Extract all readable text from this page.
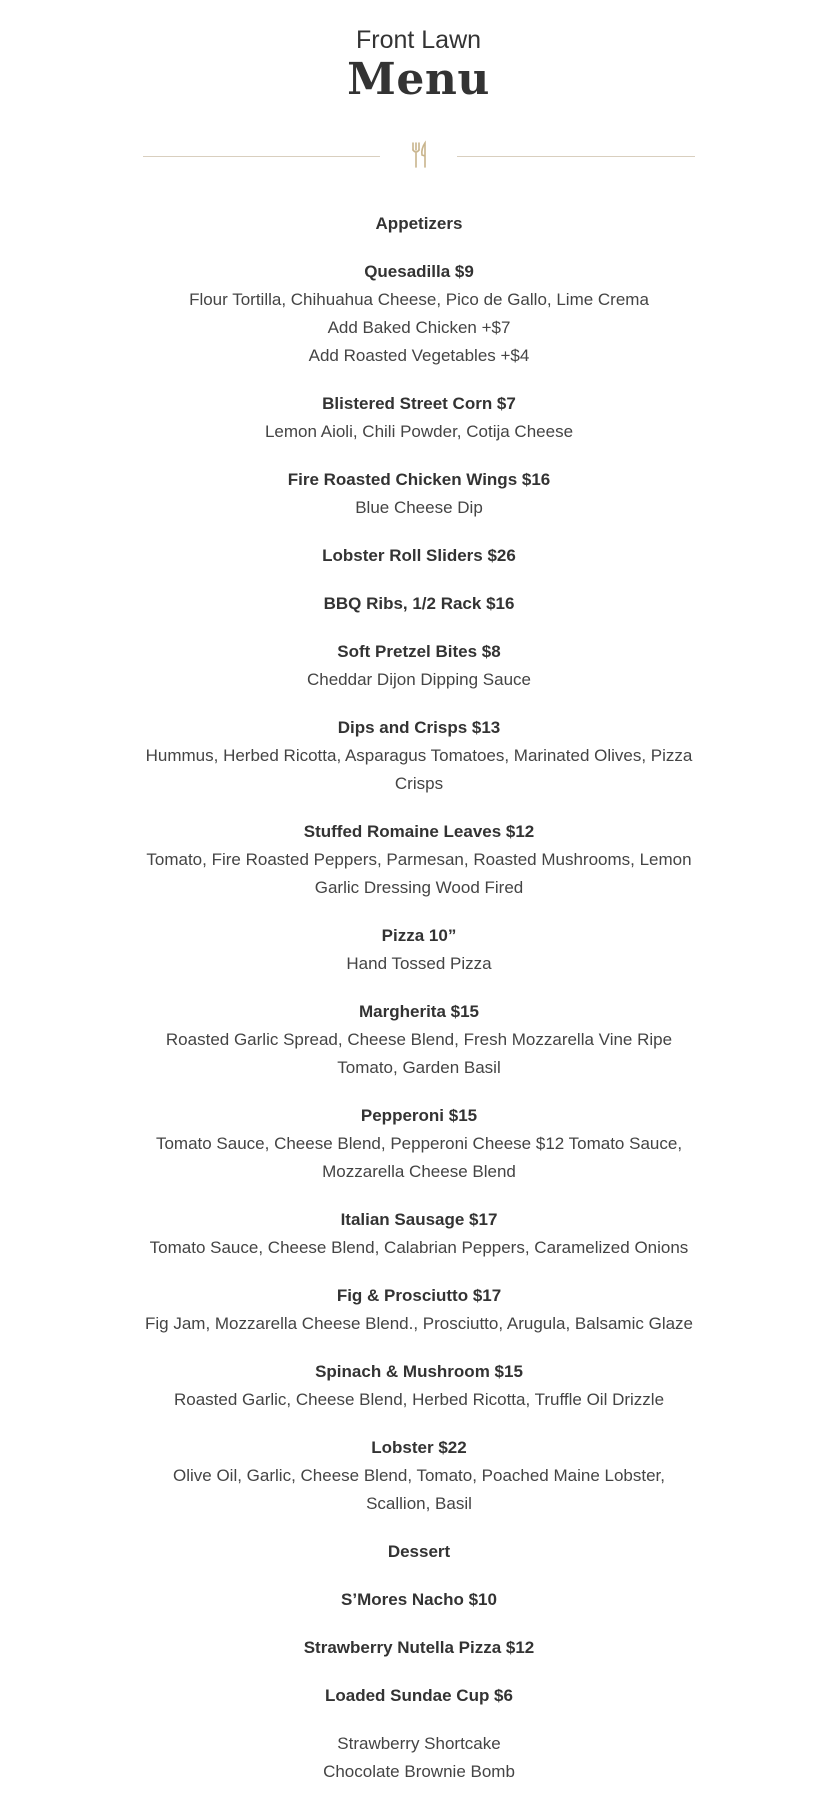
Front Lawn
Menu
Appetizers
Quesadilla $9
Flour Tortilla, Chihuahua Cheese, Pico de Gallo, Lime Crema
Add Baked Chicken +$7
Add Roasted Vegetables +$4
Blistered Street Corn $7
Lemon Aioli, Chili Powder, Cotija Cheese
Fire Roasted Chicken Wings $16
Blue Cheese Dip
Lobster Roll Sliders $26
BBQ Ribs, 1/2 Rack $16
Soft Pretzel Bites $8
Cheddar Dijon Dipping Sauce
Dips and Crisps $13
Hummus, Herbed Ricotta, Asparagus Tomatoes, Marinated Olives, Pizza Crisps
Stuffed Romaine Leaves $12
Tomato, Fire Roasted Peppers, Parmesan, Roasted Mushrooms, Lemon Garlic Dressing Wood Fired
Pizza 10”
Hand Tossed Pizza
Margherita $15
Roasted Garlic Spread, Cheese Blend, Fresh Mozzarella Vine Ripe Tomato, Garden Basil
Pepperoni $15
Tomato Sauce, Cheese Blend, Pepperoni Cheese $12 Tomato Sauce, Mozzarella Cheese Blend
Italian Sausage $17
Tomato Sauce, Cheese Blend, Calabrian Peppers, Caramelized Onions
Fig & Prosciutto $17
Fig Jam, Mozzarella Cheese Blend., Prosciutto, Arugula, Balsamic Glaze
Spinach & Mushroom $15
Roasted Garlic, Cheese Blend, Herbed Ricotta, Truffle Oil Drizzle
Lobster $22
Olive Oil, Garlic, Cheese Blend, Tomato, Poached Maine Lobster, Scallion, Basil
Dessert
S’Mores Nacho $10
Strawberry Nutella Pizza $12
Loaded Sundae Cup $6
Strawberry Shortcake
Chocolate Brownie Bomb
